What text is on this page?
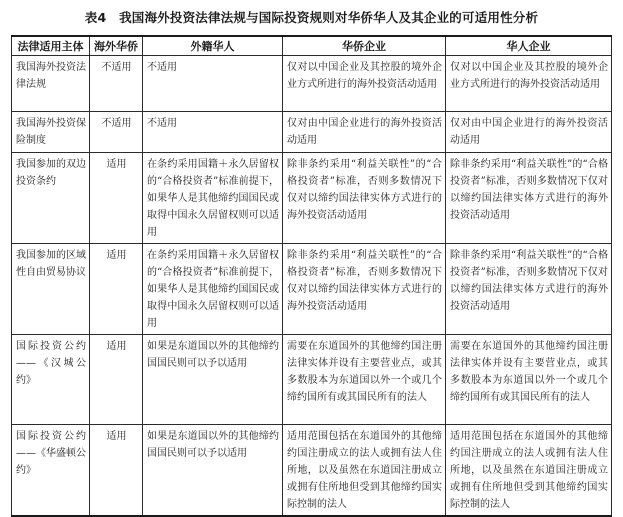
表4　我国海外投资法律法规与国际投资规则对华侨华人及其企业的可适用性分析
法律适用主体	海外华侨	外籍华人	华侨企业	华人企业
我国海外投资法律法规	不适用	不适用	仅对以中国企业及其控股的境外企业方式所进行的海外投资活动适用	仅对以中国企业及其控股的境外企业方式所进行的海外投资活动适用
我国海外投资保险制度	不适用	不适用	仅对由中国企业进行的海外投资活动适用	仅对由中国企业进行的海外投资活动适用
我国参加的双边投资条约	适用	在条约采用国籍＋永久居留权的“合格投资者”标准前提下，如果华人是其他缔约国国民或取得中国永久居留权则可以适用	除非条约采用“利益关联性”的“合格投资者”标准，否则多数情况下仅对以缔约国法律实体方式进行的海外投资活动适用	除非条约采用“利益关联性”的“合格投资者”标准，否则多数情况下仅对以缔约国法律实体方式进行的海外投资活动适用
我国参加的区域性自由贸易协议	适用	在条约采用国籍＋永久居留权的“合格投资者”标准前提下，如果华人是其他缔约国国民或取得中国永久居留权则可以适用	除非条约采用“利益关联性”的“合格投资者”标准，否则多数情况下仅对以缔约国法律实体方式进行的海外投资活动适用	除非条约采用“利益关联性”的“合格投资者”标准，否则多数情况下仅对以缔约国法律实体方式进行的海外投资活动适用
国际投资公约——《汉城公约》	适用	如果是东道国以外的其他缔约国国民则可以予以适用	需要在东道国外的其他缔约国注册法律实体并设有主要营业点，或其多数股本为东道国以外一个或几个缔约国所有或其国民所有的法人	需要在东道国外的其他缔约国注册法律实体并设有主要营业点，或其多数股本为东道国以外一个或几个缔约国所有或其国民所有的法人
国际投资公约——《华盛顿公约》	适用	如果是东道国以外的其他缔约国国民则可以予以适用	适用范围包括在东道国外的其他缔约国注册成立的法人或拥有法人住所地，以及虽然在东道国注册成立或拥有住所地但受到其他缔约国实际控制的法人	适用范围包括在东道国外的其他缔约国注册成立的法人或拥有法人住所地，以及虽然在东道国注册成立或拥有住所地但受到其他缔约国实际控制的法人
